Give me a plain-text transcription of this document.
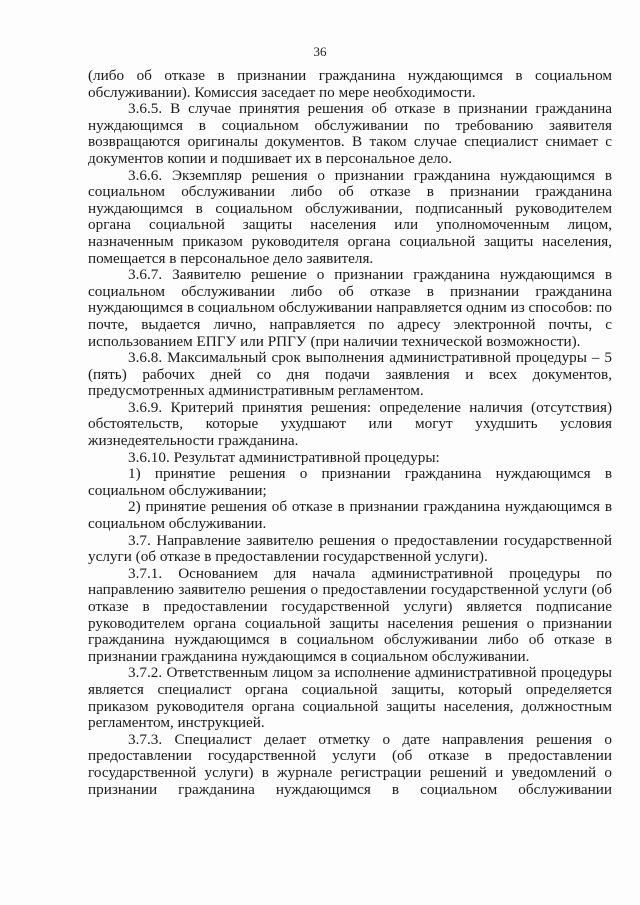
36

(либо об отказе в признании гражданина нуждающимся в социальном обслуживании). Комиссия заседает по мере необходимости.

3.6.5. В случае принятия решения об отказе в признании гражданина нуждающимся в социальном обслуживании по требованию заявителя возвращаются оригиналы документов. В таком случае специалист снимает с документов копии и подшивает их в персональное дело.

3.6.6. Экземпляр решения о признании гражданина нуждающимся в социальном обслуживании либо об отказе в признании гражданина нуждающимся в социальном обслуживании, подписанный руководителем органа социальной защиты населения или уполномоченным лицом, назначенным приказом руководителя органа социальной защиты населения, помещается в персональное дело заявителя.

3.6.7. Заявителю решение о признании гражданина нуждающимся в социальном обслуживании либо об отказе в признании гражданина нуждающимся в социальном обслуживании направляется одним из способов: по почте, выдается лично, направляется по адресу электронной почты, с использованием ЕПГУ или РПГУ (при наличии технической возможности).

3.6.8. Максимальный срок выполнения административной процедуры – 5 (пять) рабочих дней со дня подачи заявления и всех документов, предусмотренных административным регламентом.

3.6.9. Критерий принятия решения: определение наличия (отсутствия) обстоятельств, которые ухудшают или могут ухудшить условия жизнедеятельности гражданина.

3.6.10. Результат административной процедуры:

1) принятие решения о признании гражданина нуждающимся в социальном обслуживании;

2) принятие решения об отказе в признании гражданина нуждающимся в социальном обслуживании.

3.7. Направление заявителю решения о предоставлении государственной услуги (об отказе в предоставлении государственной услуги).

3.7.1. Основанием для начала административной процедуры по направлению заявителю решения о предоставлении государственной услуги (об отказе в предоставлении государственной услуги) является подписание руководителем органа социальной защиты населения решения о признании гражданина нуждающимся в социальном обслуживании либо об отказе в признании гражданина нуждающимся в социальном обслуживании.

3.7.2. Ответственным лицом за исполнение административной процедуры является специалист органа социальной защиты, который определяется приказом руководителя органа социальной защиты населения, должностным регламентом, инструкцией.

3.7.3. Специалист делает отметку о дате направления решения о предоставлении государственной услуги (об отказе в предоставлении государственной услуги) в журнале регистрации решений и уведомлений о признании гражданина нуждающимся в социальном обслуживании
